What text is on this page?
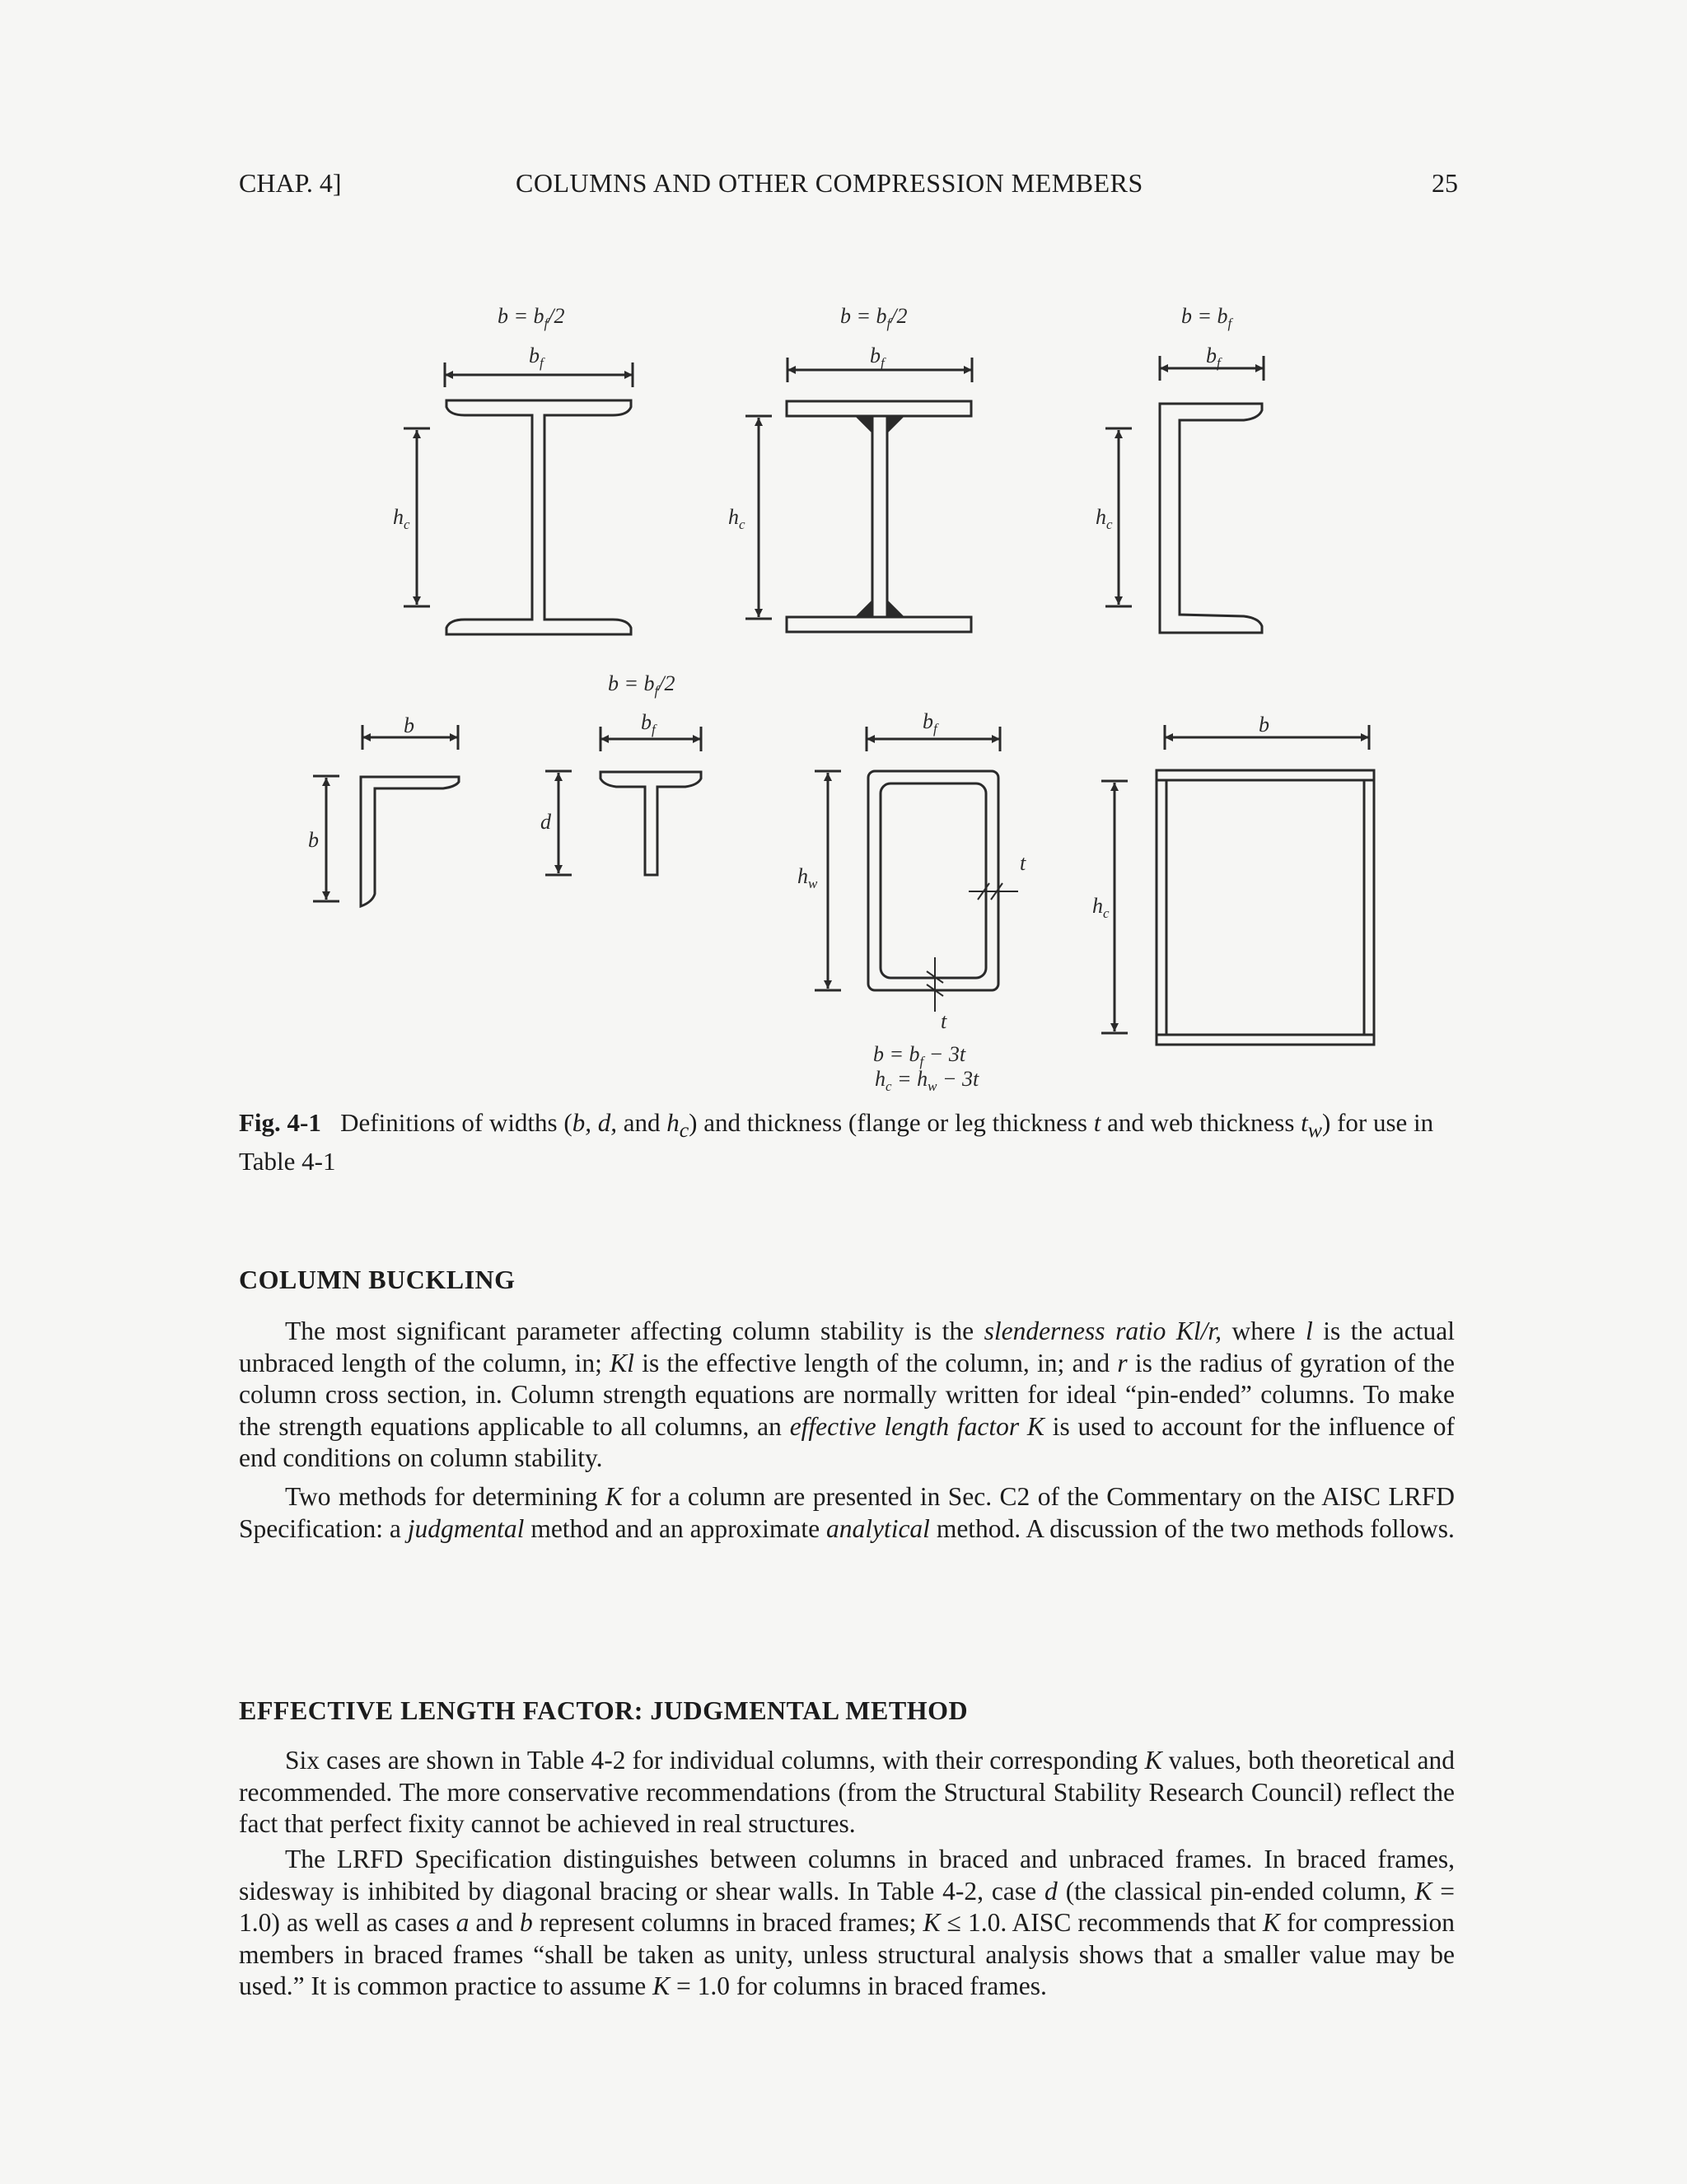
CHAP. 4]	COLUMNS AND OTHER COMPRESSION MEMBERS	25
$b = b_f/2$
$b_f$
$h_c$
$b = b_f/2$
$b_f$
$h_c$
$b = b_f$
$b_f$
$h_c$
b
b
$b = b_f/2$
$b_f$
d
$b_f$
$h_w$
t
t
$b = b_f - 3t$
$h_c = h_w - 3t$
b
$h_c$
Fig. 4-1 Definitions of widths (b, d, and $h_c$) and thickness (flange or leg thickness t and web thickness $t_w$) for use in Table 4-1
COLUMN BUCKLING

The most significant parameter affecting column stability is the slenderness ratio Kl/r, where l is the actual unbraced length of the column, in; Kl is the effective length of the column, in; and r is the radius of gyration of the column cross section, in. Column strength equations are normally written for ideal “pin-ended” columns. To make the strength equations applicable to all columns, an effective length factor K is used to account for the influence of end conditions on column stability.

Two methods for determining K for a column are presented in Sec. C2 of the Commentary on the AISC LRFD Specification: a judgmental method and an approximate analytical method. A discussion of the two methods follows.

EFFECTIVE LENGTH FACTOR: JUDGMENTAL METHOD

Six cases are shown in Table 4-2 for individual columns, with their corresponding K values, both theoretical and recommended. The more conservative recommendations (from the Structural Stability Research Council) reflect the fact that perfect fixity cannot be achieved in real structures.

The LRFD Specification distinguishes between columns in braced and unbraced frames. In braced frames, sidesway is inhibited by diagonal bracing or shear walls. In Table 4-2, case d (the classical pin-ended column, K = 1.0) as well as cases a and b represent columns in braced frames; K ≤ 1.0. AISC recommends that K for compression members in braced frames “shall be taken as unity, unless structural analysis shows that a smaller value may be used.” It is common practice to assume K = 1.0 for columns in braced frames.
